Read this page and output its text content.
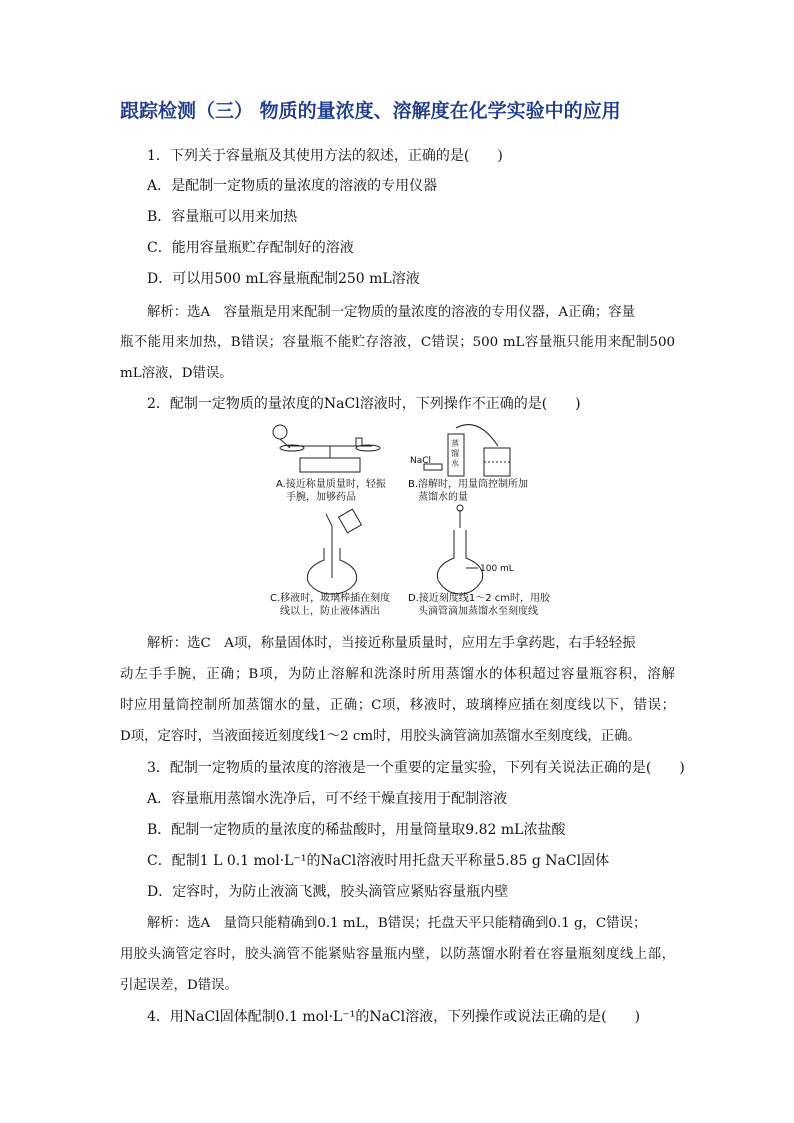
跟踪检测（三） 物质的量浓度、溶解度在化学实验中的应用
1．下列关于容量瓶及其使用方法的叙述，正确的是(　　)
A．是配制一定物质的量浓度的溶液的专用仪器
B．容量瓶可以用来加热
C．能用容量瓶贮存配制好的溶液
D．可以用500 mL容量瓶配制250 mL溶液
解析：选A　容量瓶是用来配制一定物质的量浓度的溶液的专用仪器，A正确；容量
瓶不能用来加热，B错误；容量瓶不能贮存溶液，C错误；500 mL容量瓶只能用来配制500
mL溶液，D错误。
2．配制一定物质的量浓度的NaCl溶液时，下列操作不正确的是(　　)
NaCl
蒸
馏
水
100 mL
A.接近称量质量时，轻振
手腕，加够药品
B.溶解时，用量筒控制所加
蒸馏水的量
C.移液时，玻璃棒插在刻度
线以上，防止液体洒出
D.接近刻度线1～2 cm时，用胶
头滴管滴加蒸馏水至刻度线
解析：选C　A项，称量固体时，当接近称量质量时，应用左手拿药匙，右手轻轻振
动左手手腕，正确；B项，为防止溶解和洗涤时所用蒸馏水的体积超过容量瓶容积，溶解
时应用量筒控制所加蒸馏水的量，正确；C项，移液时，玻璃棒应插在刻度线以下，错误；
D项，定容时，当液面接近刻度线1～2 cm时，用胶头滴管滴加蒸馏水至刻度线，正确。
3．配制一定物质的量浓度的溶液是一个重要的定量实验，下列有关说法正确的是(　　)
A．容量瓶用蒸馏水洗净后，可不经干燥直接用于配制溶液
B．配制一定物质的量浓度的稀盐酸时，用量筒量取9.82 mL浓盐酸
C．配制1 L 0.1 mol·L⁻¹的NaCl溶液时用托盘天平称量5.85 g NaCl固体
D．定容时，为防止液滴飞溅，胶头滴管应紧贴容量瓶内壁
解析：选A　量筒只能精确到0.1 mL，B错误；托盘天平只能精确到0.1 g，C错误；
用胶头滴管定容时，胶头滴管不能紧贴容量瓶内壁，以防蒸馏水附着在容量瓶刻度线上部，
引起误差，D错误。
4．用NaCl固体配制0.1 mol·L⁻¹的NaCl溶液，下列操作或说法正确的是(　　)
